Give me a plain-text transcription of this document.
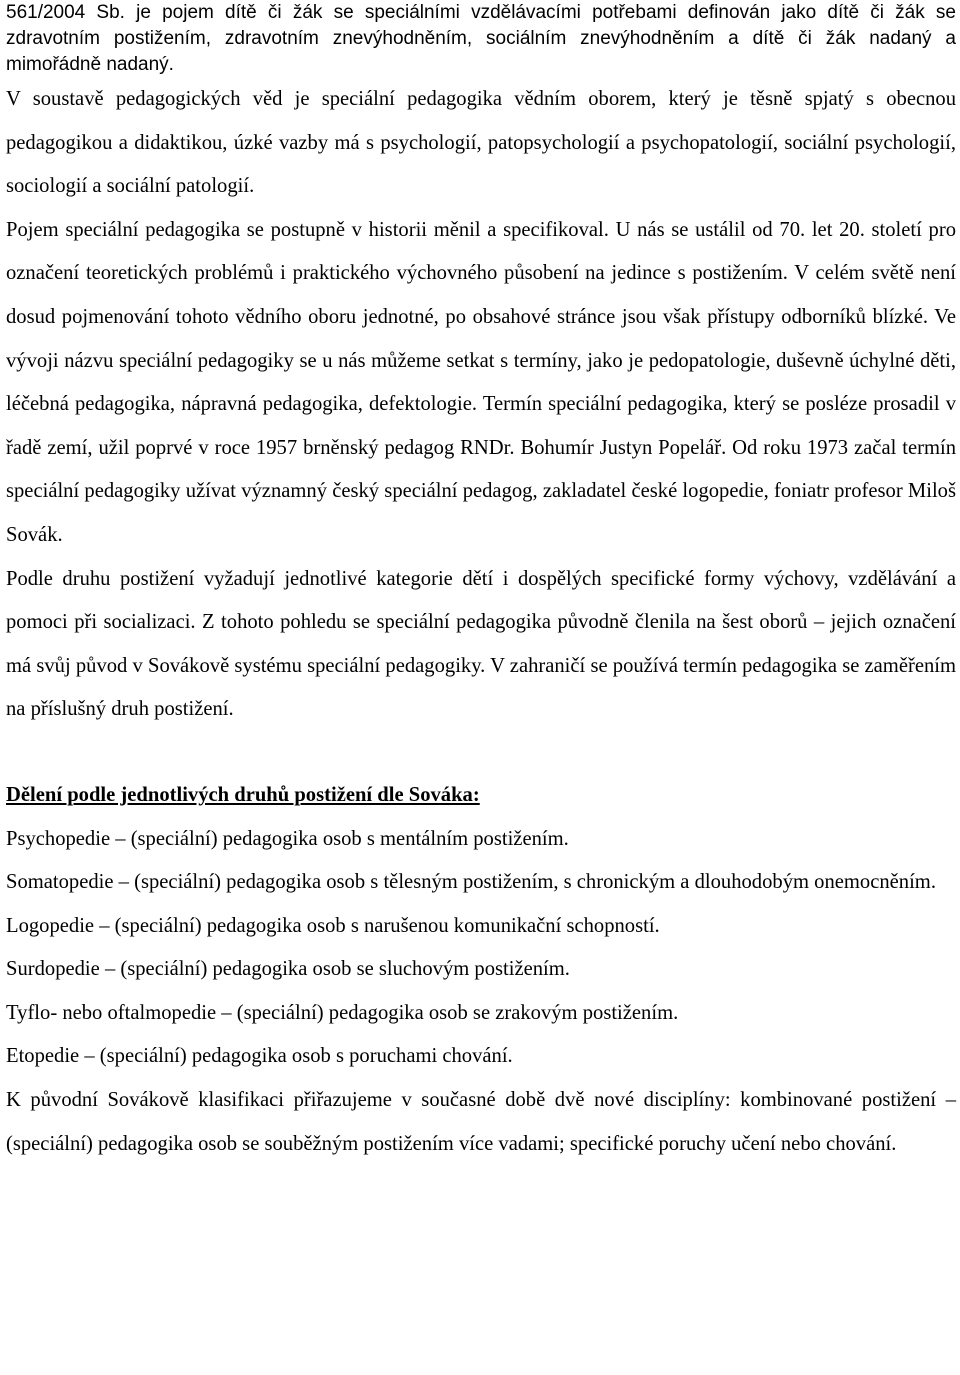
561/2004 Sb. je pojem dítě či žák se speciálními vzdělávacími potřebami definován jako dítě či žák se zdravotním postižením, zdravotním znevýhodněním, sociálním znevýhodněním a dítě či žák nadaný a mimořádně nadaný.

V soustavě pedagogických věd je speciální pedagogika vědním oborem, který je těsně spjatý s obecnou pedagogikou a didaktikou, úzké vazby má s psychologií, patopsychologií a psychopatologií, sociální psychologií, sociologií a sociální patologií.

Pojem speciální pedagogika se postupně v historii měnil a specifikoval. U nás se ustálil od 70. let 20. století pro označení teoretických problémů i praktického výchovného působení na jedince s postižením. V celém světě není dosud pojmenování tohoto vědního oboru jednotné, po obsahové stránce jsou však přístupy odborníků blízké. Ve vývoji názvu speciální pedagogiky se u nás můžeme setkat s termíny, jako je pedopatologie, duševně úchylné děti, léčebná pedagogika, nápravná pedagogika, defektologie. Termín speciální pedagogika, který se posléze prosadil v řadě zemí, užil poprvé v roce 1957 brněnský pedagog RNDr. Bohumír Justyn Popelář. Od roku 1973 začal termín speciální pedagogiky užívat významný český speciální pedagog, zakladatel české logopedie, foniatr profesor Miloš Sovák.

Podle druhu postižení vyžadují jednotlivé kategorie dětí i dospělých specifické formy výchovy, vzdělávání a pomoci při socializaci. Z tohoto pohledu se speciální pedagogika původně členila na šest oborů – jejich označení má svůj původ v Sovákově systému speciální pedagogiky. V zahraničí se používá termín pedagogika se zaměřením na příslušný druh postižení.

Dělení podle jednotlivých druhů postižení dle Sováka:

Psychopedie – (speciální) pedagogika osob s mentálním postižením.

Somatopedie – (speciální) pedagogika osob s tělesným postižením, s chronickým a dlouhodobým onemocněním.

Logopedie – (speciální) pedagogika osob s narušenou komunikační schopností.

Surdopedie – (speciální) pedagogika osob se sluchovým postižením.

Tyflo- nebo oftalmopedie – (speciální) pedagogika osob se zrakovým postižením.

Etopedie – (speciální) pedagogika osob s poruchami chování.

K původní Sovákově klasifikaci přiřazujeme v současné době dvě nové disciplíny: kombinované postižení – (speciální) pedagogika osob se souběžným postižením více vadami; specifické poruchy učení nebo chování.
